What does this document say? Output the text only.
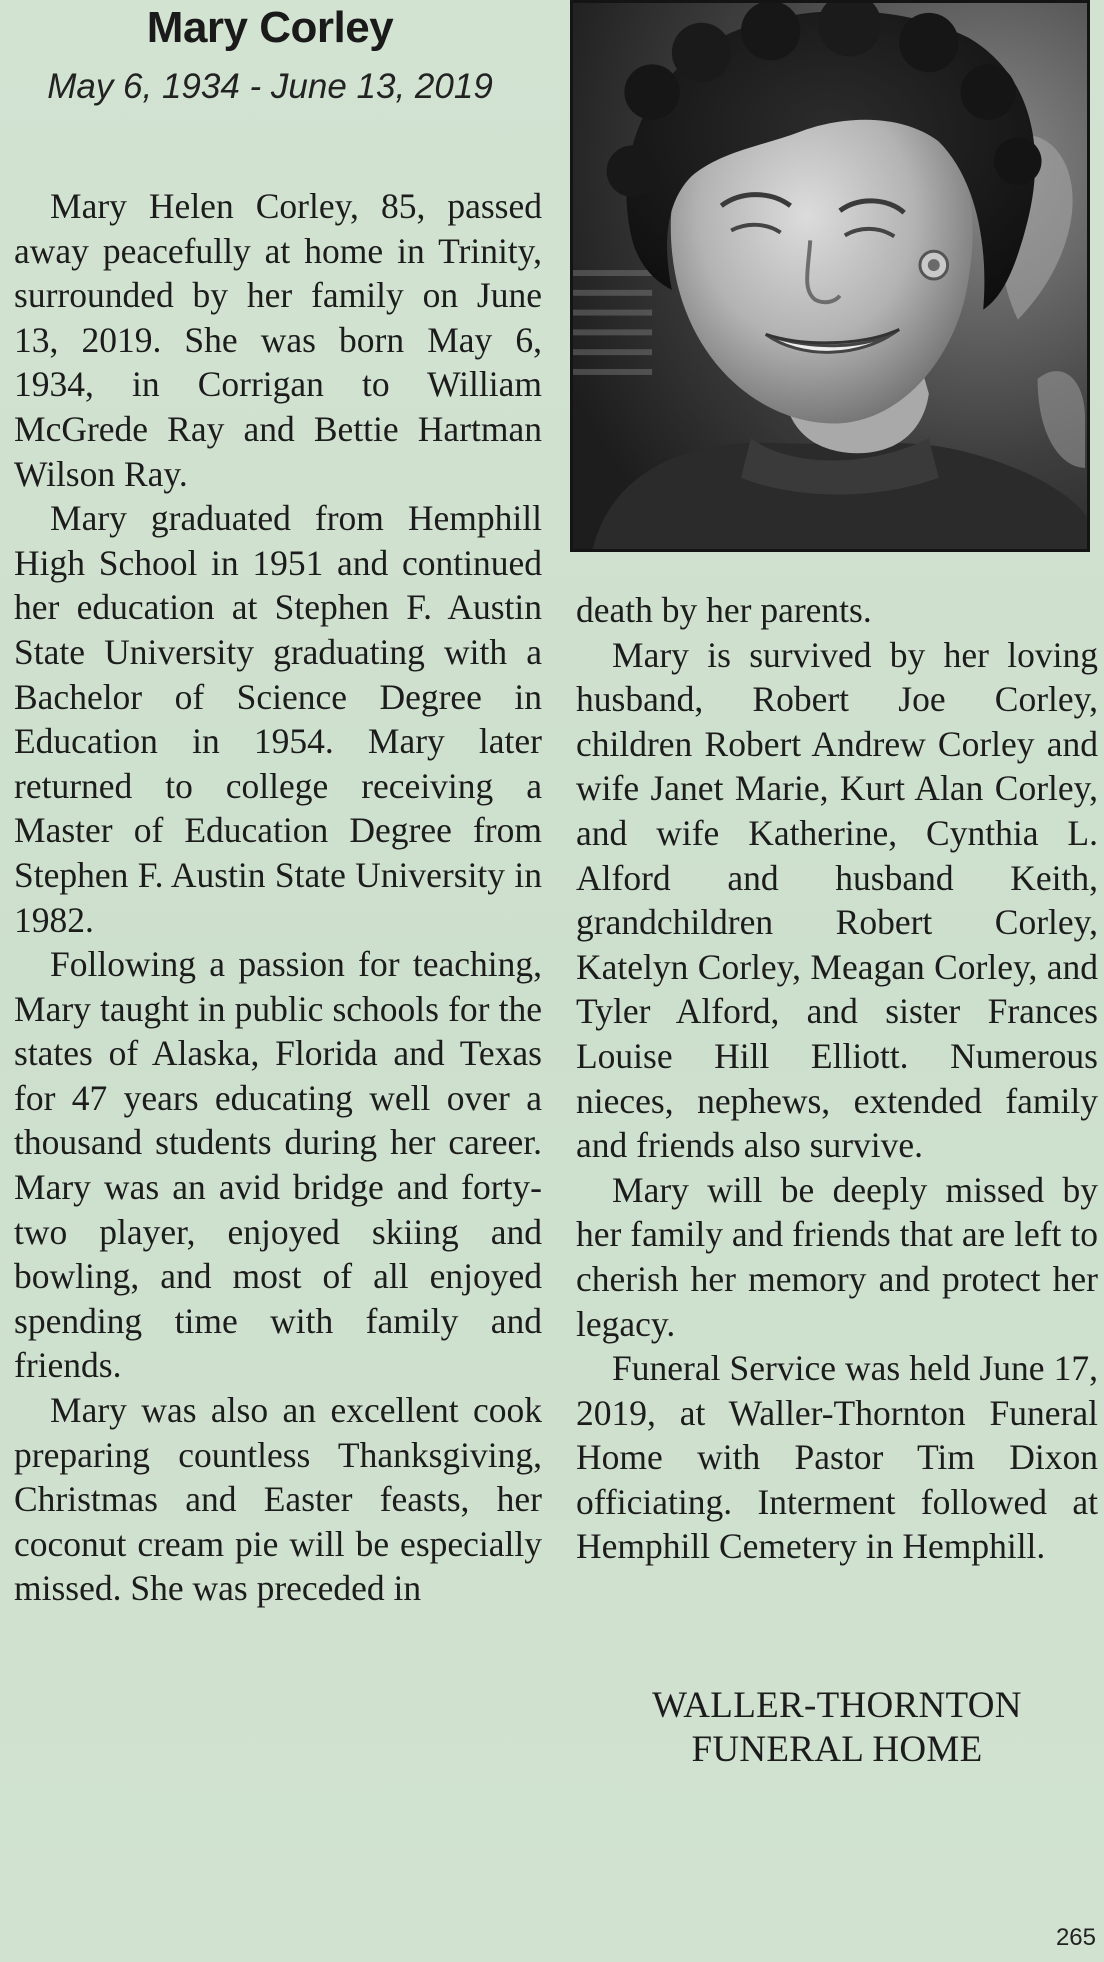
Mary Corley
May 6, 1934 - June 13, 2019

Mary Helen Corley, 85, passed away peacefully at home in Trinity, surrounded by her family on June 13, 2019. She was born May 6, 1934, in Corrigan to William McGrede Ray and Bettie Hartman Wilson Ray.

Mary graduated from Hemphill High School in 1951 and continued her education at Stephen F. Austin State University graduating with a Bachelor of Science Degree in Education in 1954. Mary later returned to college receiving a Master of Education Degree from Stephen F. Austin State University in 1982.

Following a passion for teaching, Mary taught in public schools for the states of Alaska, Florida and Texas for 47 years educating well over a thousand students during her career. Mary was an avid bridge and forty-two player, enjoyed skiing and bowling, and most of all enjoyed spending time with family and friends.

Mary was also an excellent cook preparing countless Thanksgiving, Christmas and Easter feasts, her coconut cream pie will be especially missed. She was preceded in

death by her parents.

Mary is survived by her loving husband, Robert Joe Corley, children Robert Andrew Corley and wife Janet Marie, Kurt Alan Corley, and wife Katherine, Cynthia L. Alford and husband Keith, grandchildren Robert Corley, Katelyn Corley, Meagan Corley, and Tyler Alford, and sister Frances Louise Hill Elliott. Numerous nieces, nephews, extended family and friends also survive.

Mary will be deeply missed by her family and friends that are left to cherish her memory and protect her legacy.

Funeral Service was held June 17, 2019, at Waller-Thornton Funeral Home with Pastor Tim Dixon officiating. Interment followed at Hemphill Cemetery in Hemphill.

WALLER-THORNTON
FUNERAL HOME
265
